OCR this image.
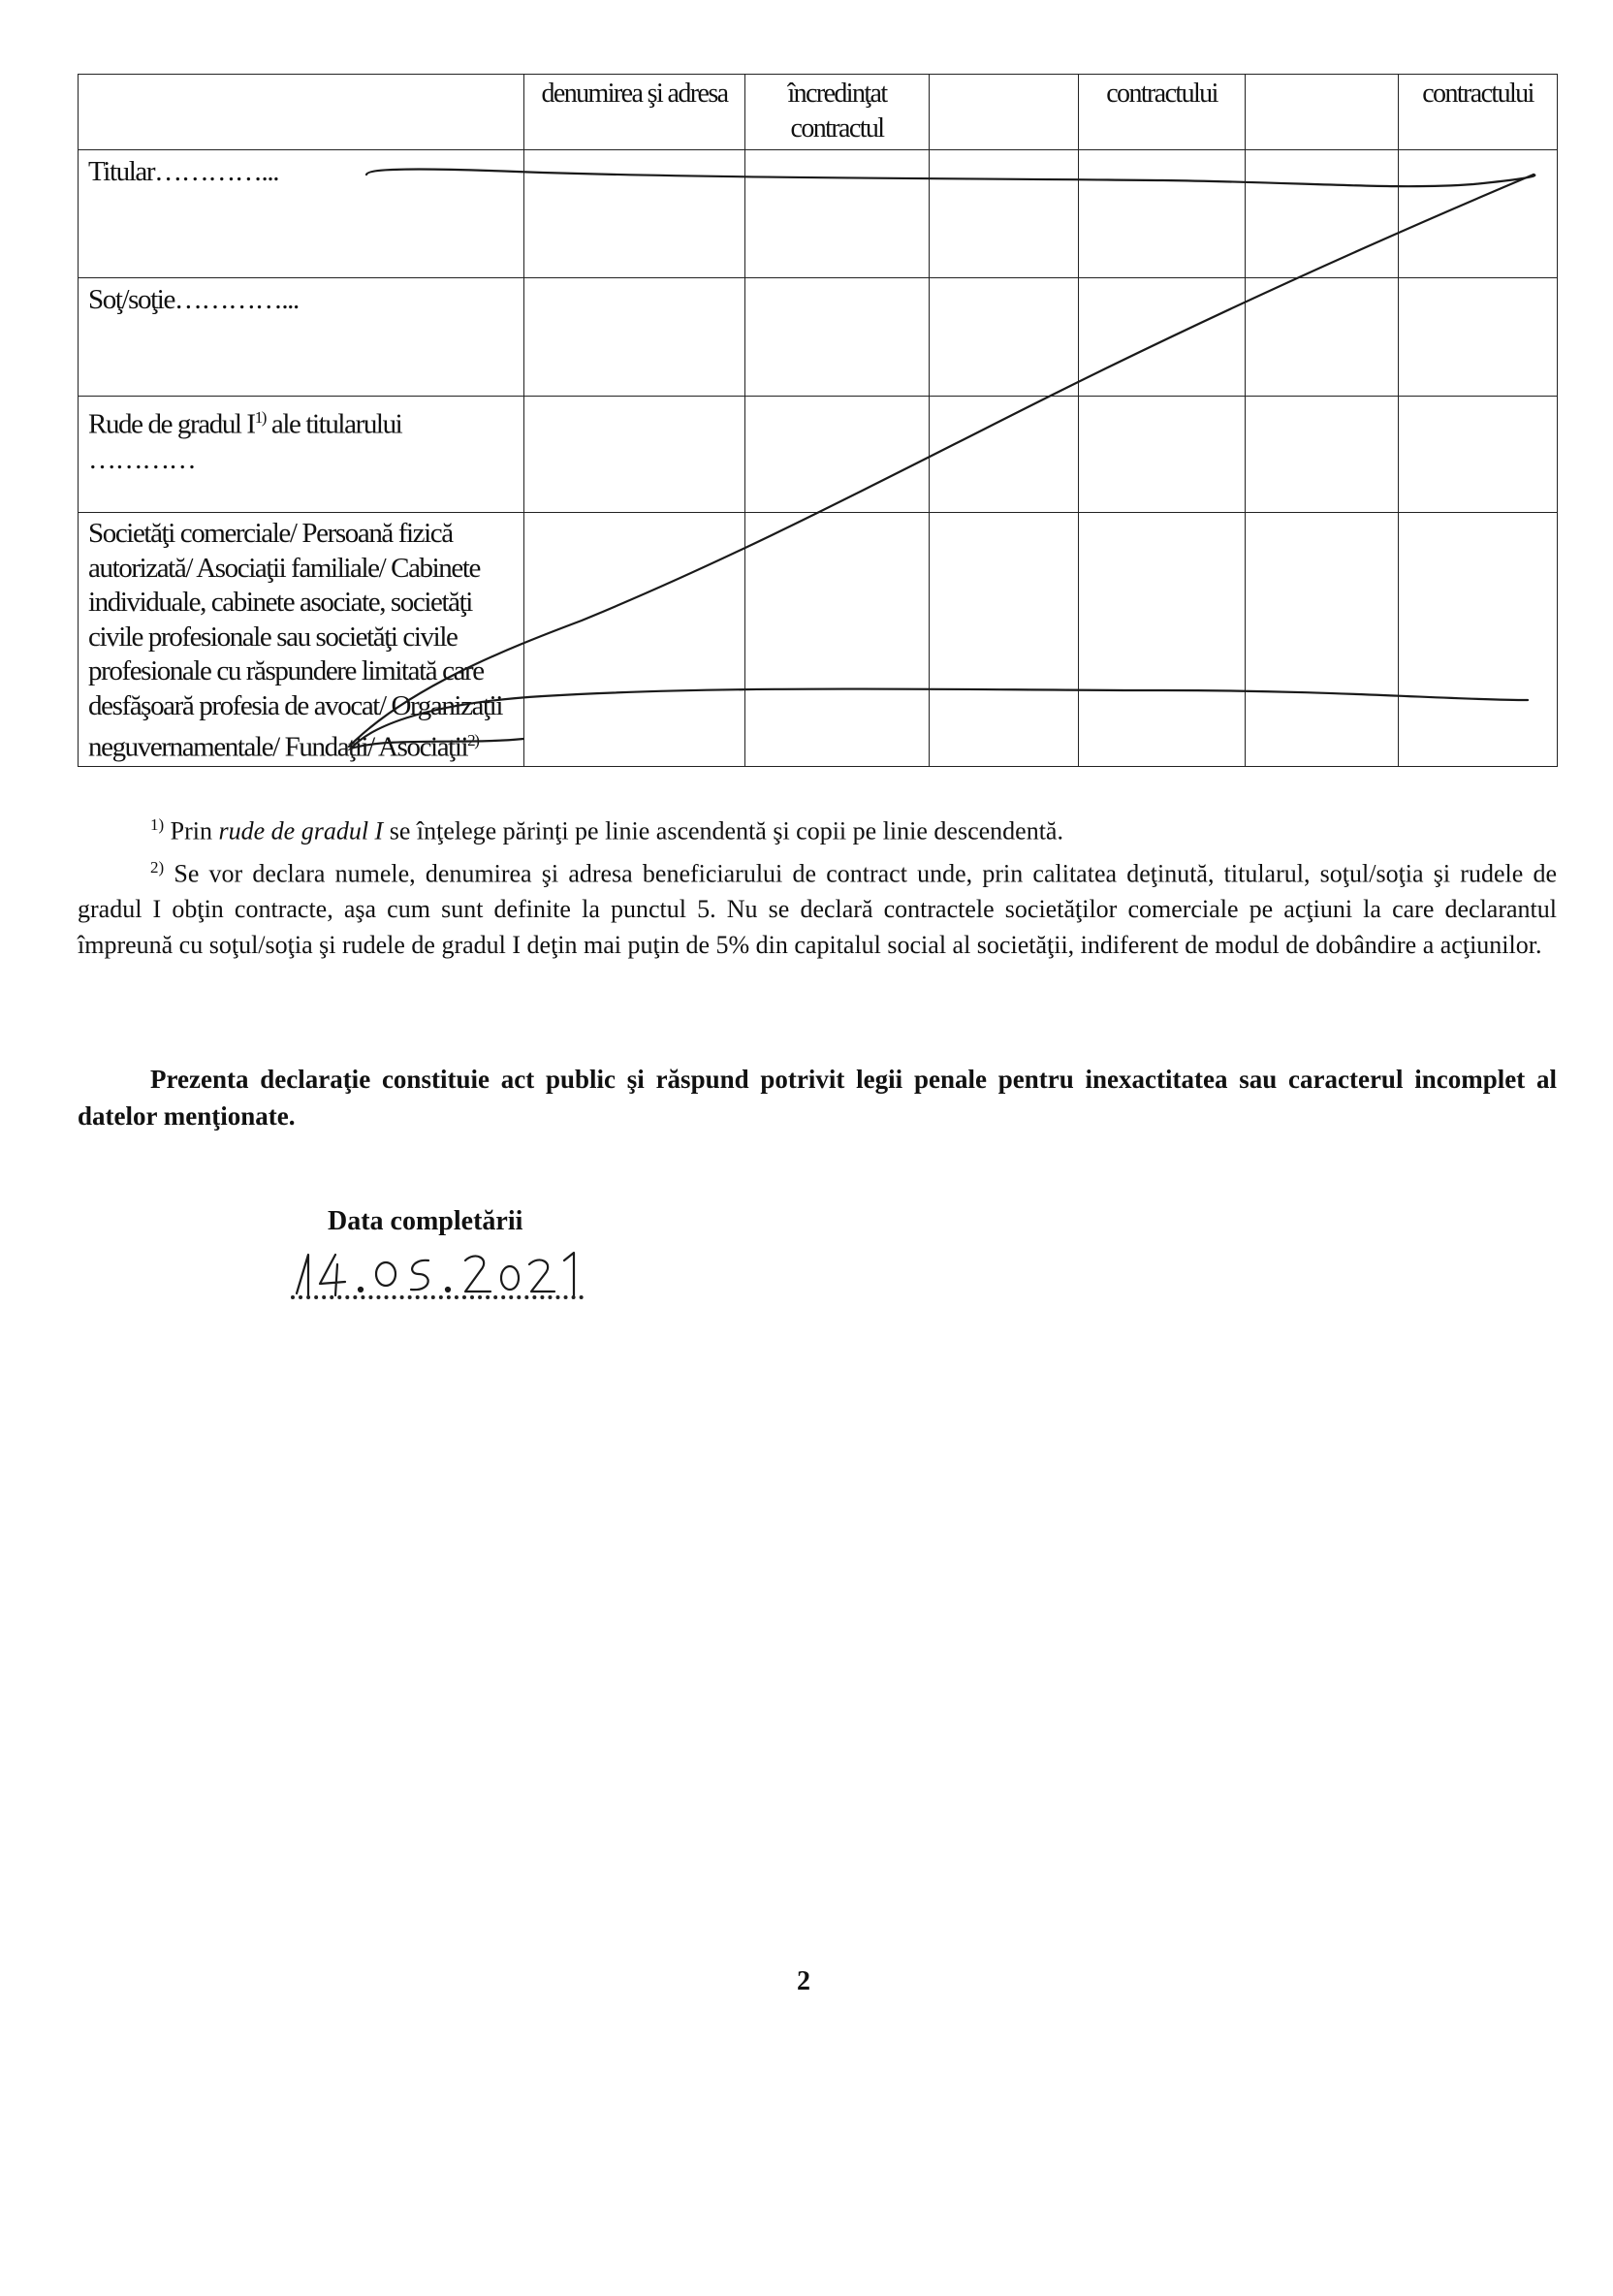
	denumirea şi adresa	încredinţat contractul		contractului		contractului
Titular…………...						
Soţ/soţie…………...						
Rude de gradul $I^{1)}$ ale titularului
…………						
Societăţi comerciale/ Persoană fizică autorizată/ Asociaţii familiale/ Cabinete individuale, cabinete asociate, societăţi civile profesionale sau societăţi civile profesionale cu răspundere limitată care desfăşoară profesia de avocat/ Organizaţii neguvernamentale/ Fundaţii/ Asociaţii$^{2)}$						

$^{1)}$ Prin rude de gradul I se înţelege părinţi pe linie ascendentă şi copii pe linie descendentă.

$^{2)}$ Se vor declara numele, denumirea şi adresa beneficiarului de contract unde, prin calitatea deţinută, titularul, soţul/soţia şi rudele de gradul I obţin contracte, aşa cum sunt definite la punctul 5. Nu se declară contractele societăţilor comerciale pe acţiuni la care declarantul împreună cu soţul/soţia şi rudele de gradul I deţin mai puţin de 5% din capitalul social al societăţii, indiferent de modul de dobândire a acţiunilor.

Prezenta declaraţie constituie act public şi răspund potrivit legii penale pentru inexactitatea sau caracterul incomplet al datelor menţionate.
Data completării
2
